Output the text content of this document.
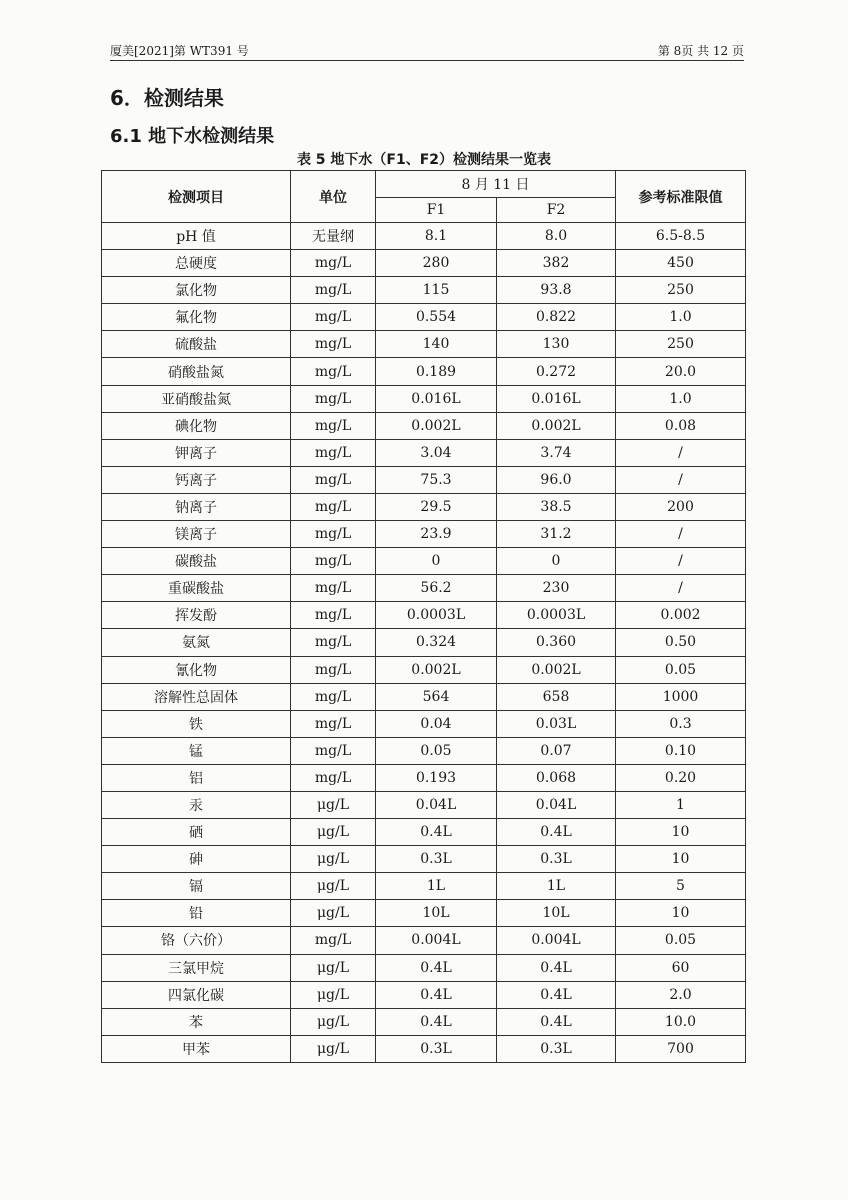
厦美[2021]第 WT391 号	第 8页 共 12 页
6．检测结果
6.1 地下水检测结果
表 5 地下水（F1、F2）检测结果一览表
检测项目	单位	8 月 11 日		参考标准限值
		F1	F2	
pH 值	无量纲	8.1	8.0	6.5-8.5
总硬度	mg/L	280	382	450
氯化物	mg/L	115	93.8	250
氟化物	mg/L	0.554	0.822	1.0
硫酸盐	mg/L	140	130	250
硝酸盐氮	mg/L	0.189	0.272	20.0
亚硝酸盐氮	mg/L	0.016L	0.016L	1.0
碘化物	mg/L	0.002L	0.002L	0.08
钾离子	mg/L	3.04	3.74	/
钙离子	mg/L	75.3	96.0	/
钠离子	mg/L	29.5	38.5	200
镁离子	mg/L	23.9	31.2	/
碳酸盐	mg/L	0	0	/
重碳酸盐	mg/L	56.2	230	/
挥发酚	mg/L	0.0003L	0.0003L	0.002
氨氮	mg/L	0.324	0.360	0.50
氰化物	mg/L	0.002L	0.002L	0.05
溶解性总固体	mg/L	564	658	1000
铁	mg/L	0.04	0.03L	0.3
锰	mg/L	0.05	0.07	0.10
铝	mg/L	0.193	0.068	0.20
汞	μg/L	0.04L	0.04L	1
硒	μg/L	0.4L	0.4L	10
砷	μg/L	0.3L	0.3L	10
镉	μg/L	1L	1L	5
铅	μg/L	10L	10L	10
铬（六价）	mg/L	0.004L	0.004L	0.05
三氯甲烷	μg/L	0.4L	0.4L	60
四氯化碳	μg/L	0.4L	0.4L	2.0
苯	μg/L	0.4L	0.4L	10.0
甲苯	μg/L	0.3L	0.3L	700
